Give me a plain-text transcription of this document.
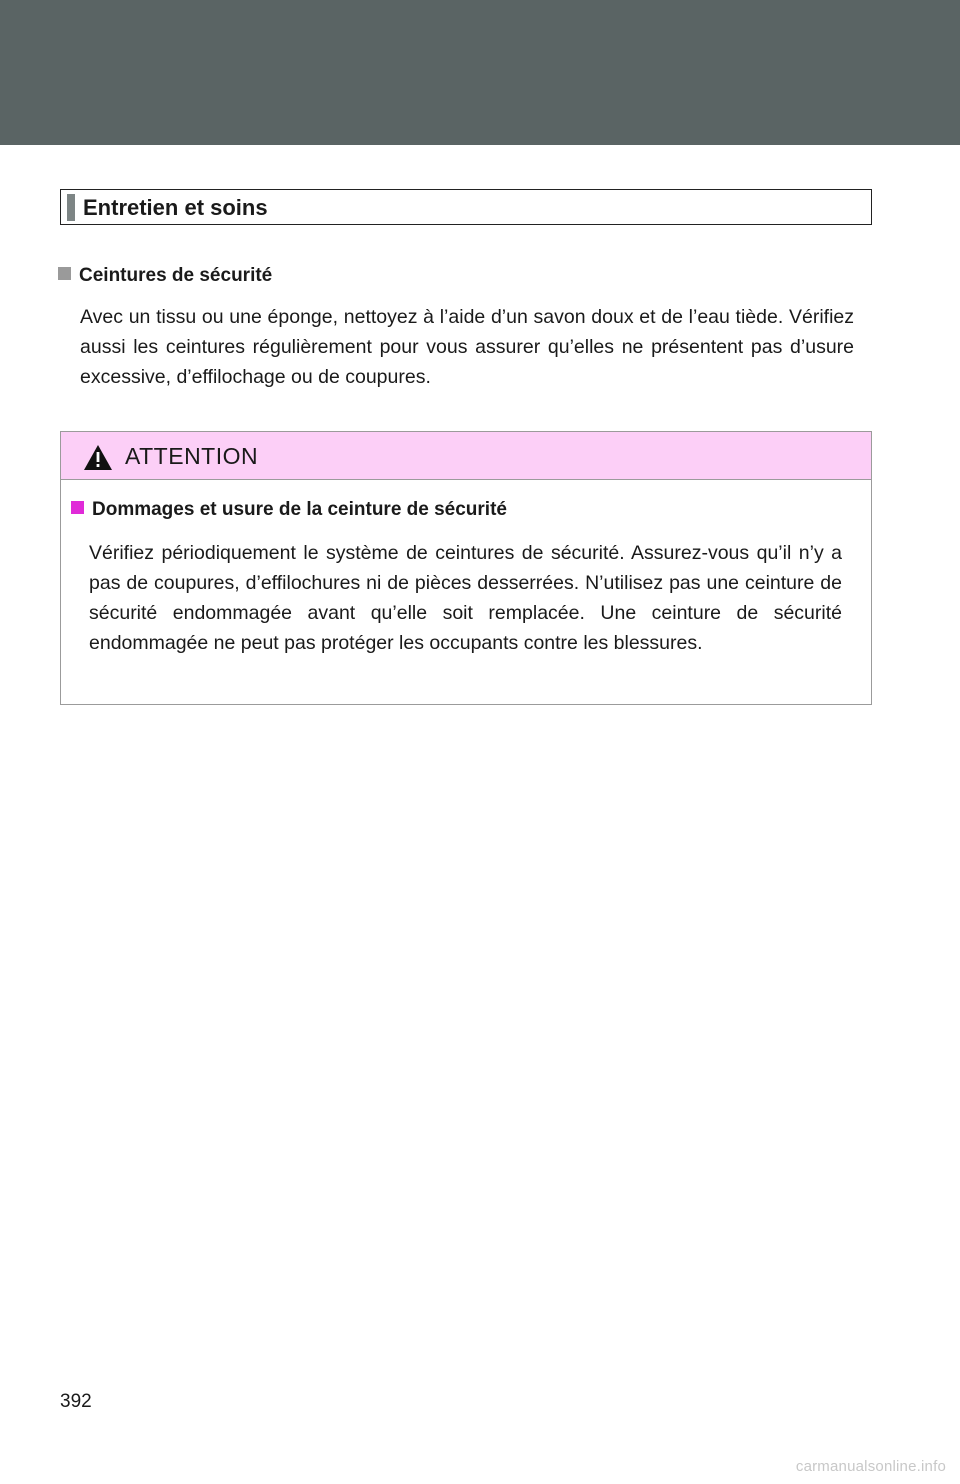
Entretien et soins
Ceintures de sécurité
Avec un tissu ou une éponge, nettoyez à l’aide d’un savon doux et de l’eau tiède. Vérifiez aussi les ceintures régulièrement pour vous assurer qu’elles ne présentent pas d’usure excessive, d’effilochage ou de coupures.
ATTENTION
Dommages et usure de la ceinture de sécurité
Vérifiez périodiquement le système de ceintures de sécurité. Assurez-vous qu’il n’y a pas de coupures, d’effilochures ni de pièces desserrées. N’utilisez pas une ceinture de sécurité endommagée avant qu’elle soit remplacée. Une ceinture de sécurité endommagée ne peut pas protéger les occupants contre les blessures.
392
carmanualsonline.info
